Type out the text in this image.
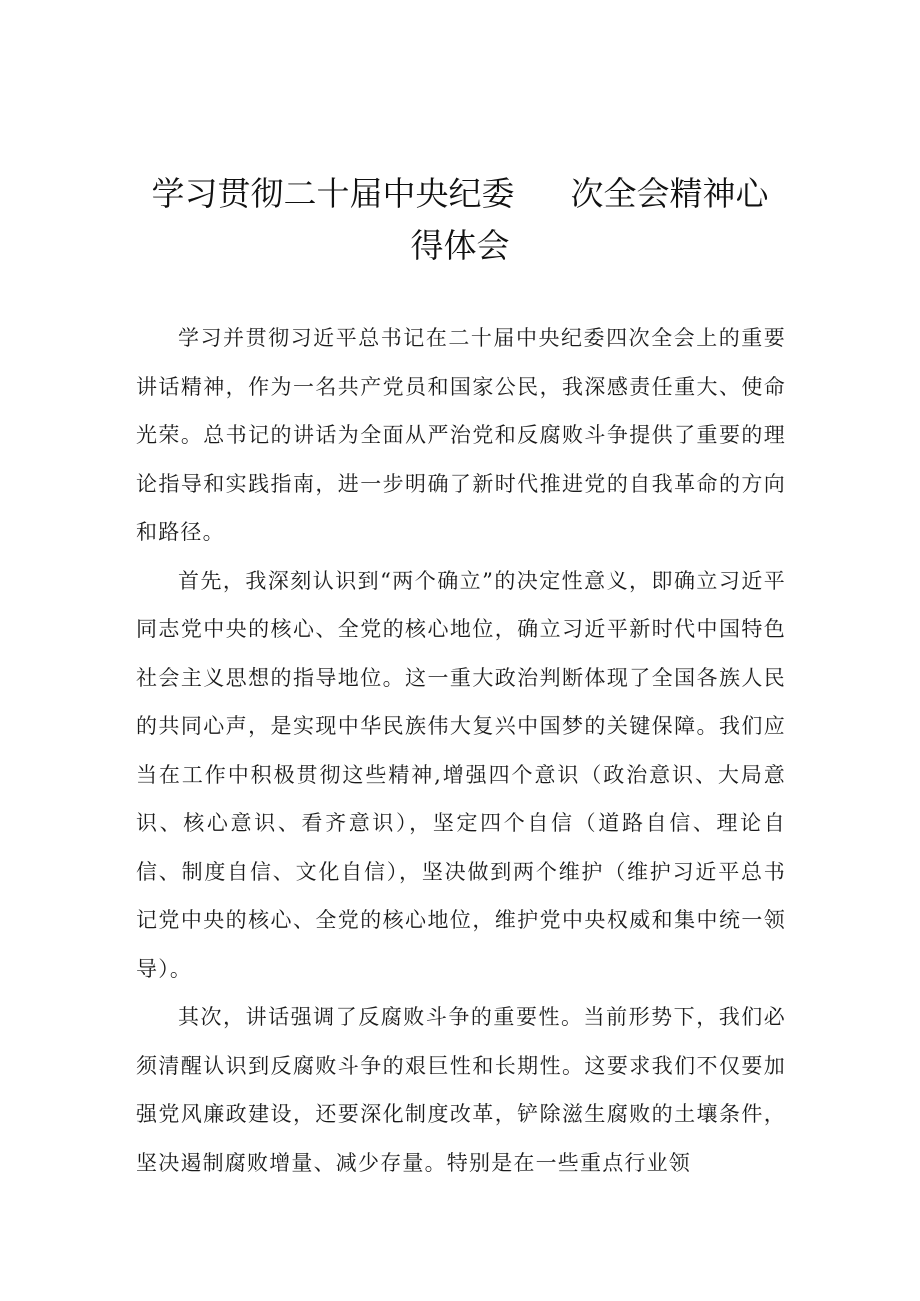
学习贯彻二十届中央纪委 次全会精神心
得体会

学习并贯彻习近平总书记在二十届中央纪委四次全会上的重要讲话精神，作为一名共产党员和国家公民，我深感责任重大、使命光荣。总书记的讲话为全面从严治党和反腐败斗争提供了重要的理论指导和实践指南，进一步明确了新时代推进党的自我革命的方向和路径。

首先，我深刻认识到“两个确立”的决定性意义，即确立习近平同志党中央的核心、全党的核心地位，确立习近平新时代中国特色社会主义思想的指导地位。这一重大政治判断体现了全国各族人民的共同心声，是实现中华民族伟大复兴中国梦的关键保障。我们应当在工作中积极贯彻这些精神,增强四个意识（政治意识、大局意识、核心意识、看齐意识），坚定四个自信（道路自信、理论自信、制度自信、文化自信），坚决做到两个维护（维护习近平总书记党中央的核心、全党的核心地位，维护党中央权威和集中统一领导）。

其次，讲话强调了反腐败斗争的重要性。当前形势下，我们必须清醒认识到反腐败斗争的艰巨性和长期性。这要求我们不仅要加强党风廉政建设，还要深化制度改革，铲除滋生腐败的土壤条件，坚决遏制腐败增量、减少存量。特别是在一些重点行业领
